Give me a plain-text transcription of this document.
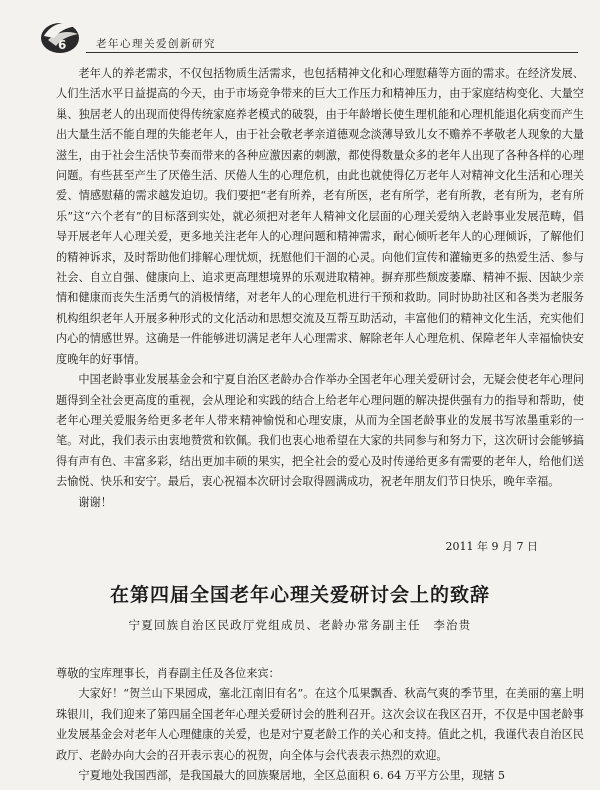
6	老年心理关爱创新研究

老年人的养老需求，不仅包括物质生活需求，也包括精神文化和心理慰藉等方面的需求。在经济发展、人们生活水平日益提高的今天，由于市场竞争带来的巨大工作压力和精神压力，由于家庭结构变化、大量空巢、独居老人的出现而使得传统家庭养老模式的破裂，由于年龄增长使生理机能和心理机能退化病变而产生出大量生活不能自理的失能老年人，由于社会敬老孝亲道德观念淡薄导致儿女不赡养不孝敬老人现象的大量滋生，由于社会生活快节奏而带来的各种应激因素的刺激，都使得数量众多的老年人出现了各种各样的心理问题。有些甚至产生了厌倦生活、厌倦人生的心理危机，由此也就使得亿万老年人对精神文化生活和心理关爱、情感慰藉的需求越发迫切。我们要把“老有所养，老有所医，老有所学，老有所教，老有所为，老有所乐”这“六个老有”的目标落到实处，就必须把对老年人精神文化层面的心理关爱纳入老龄事业发展范畴，倡导开展老年人心理关爱，更多地关注老年人的心理问题和精神需求，耐心倾听老年人的心理倾诉，了解他们的精神诉求，及时帮助他们排解心理忧烦，抚慰他们干涸的心灵。向他们宣传和灌输更多的热爱生活、参与社会、自立自强、健康向上、追求更高理想境界的乐观进取精神。摒弃那些颓废萎靡、精神不振、因缺少亲情和健康而丧失生活勇气的消极情绪，对老年人的心理危机进行干预和救助。同时协助社区和各类为老服务机构组织老年人开展多种形式的文化活动和思想交流及互帮互助活动，丰富他们的精神文化生活，充实他们内心的情感世界。这确是一件能够进切满足老年人心理需求、解除老年人心理危机、保障老年人幸福愉快安度晚年的好事情。

中国老龄事业发展基金会和宁夏自治区老龄办合作举办全国老年心理关爱研讨会，无疑会使老年心理问题得到全社会更高度的重视，会从理论和实践的结合上给老年心理问题的解决提供强有力的指导和帮助，使老年心理关爱服务给更多老年人带来精神愉悦和心理安康，从而为全国老龄事业的发展书写浓墨重彩的一笔。对此，我们表示由衷地赞赏和钦佩。我们也衷心地希望在大家的共同参与和努力下，这次研讨会能够搞得有声有色、丰富多彩，结出更加丰硕的果实，把全社会的爱心及时传递给更多有需要的老年人，给他们送去愉悦、快乐和安宁。最后，衷心祝福本次研讨会取得圆满成功，祝老年朋友们节日快乐，晚年幸福。

谢谢！

2011 年 9 月 7 日
在第四届全国老年心理关爱研讨会上的致辞
宁夏回族自治区民政厅党组成员、老龄办常务副主任　李治贵

尊敬的宝库理事长，肖春副主任及各位来宾：

大家好！“贺兰山下果园成，塞北江南旧有名”。在这个瓜果飘香、秋高气爽的季节里，在美丽的塞上明珠银川，我们迎来了第四届全国老年心理关爱研讨会的胜利召开。这次会议在我区召开，不仅是中国老龄事业发展基金会对老年人心理健康的关爱，也是对宁夏老龄工作的关心和支持。值此之机，我谨代表自治区民政厅、老龄办向大会的召开表示衷心的祝贺，向全体与会代表表示热烈的欢迎。

宁夏地处我国西部，是我国最大的回族聚居地，全区总面积 6. 64 万平方公里，现辖 5
